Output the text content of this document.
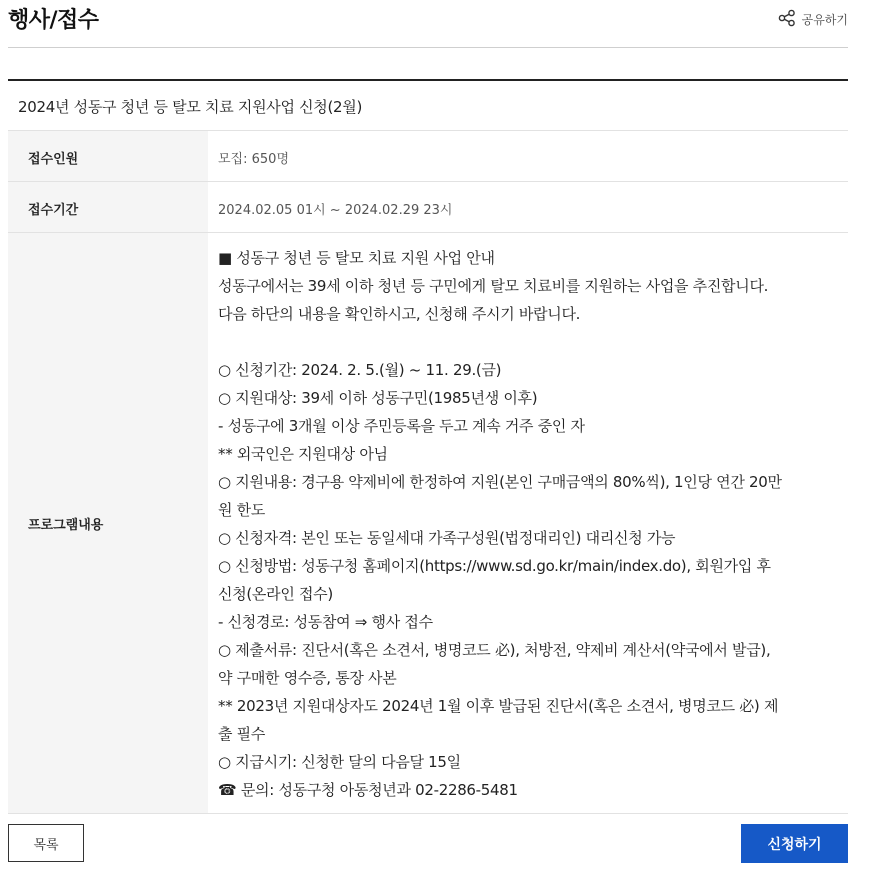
행사/접수	공유하기
2024년 성동구 청년 등 탈모 치료 지원사업 신청(2월)
접수인원	모집: 650명
접수기간	2024.02.05 01시 ~ 2024.02.29 23시
프로그램내용
■ 성동구 청년 등 탈모 치료 지원 사업 안내
성동구에서는 39세 이하 청년 등 구민에게 탈모 치료비를 지원하는 사업을 추진합니다.
다음 하단의 내용을 확인하시고, 신청해 주시기 바랍니다.
○ 신청기간: 2024. 2. 5.(월) ~ 11. 29.(금)
○ 지원대상: 39세 이하 성동구민(1985년생 이후)
- 성동구에 3개월 이상 주민등록을 두고 계속 거주 중인 자
** 외국인은 지원대상 아님
○ 지원내용: 경구용 약제비에 한정하여 지원(본인 구매금액의 80%씩), 1인당 연간 20만
원 한도
○ 신청자격: 본인 또는 동일세대 가족구성원(법정대리인) 대리신청 가능
○ 신청방법: 성동구청 홈페이지(https://www.sd.go.kr/main/index.do), 회원가입 후
신청(온라인 접수)
- 신청경로: 성동참여 ⇒ 행사 접수
○ 제출서류: 진단서(혹은 소견서, 병명코드 必), 처방전, 약제비 계산서(약국에서 발급),
약 구매한 영수증, 통장 사본
** 2023년 지원대상자도 2024년 1월 이후 발급된 진단서(혹은 소견서, 병명코드 必) 제
출 필수
○ 지급시기: 신청한 달의 다음달 15일
☎ 문의: 성동구청 아동청년과 02-2286-5481
목록	신청하기
